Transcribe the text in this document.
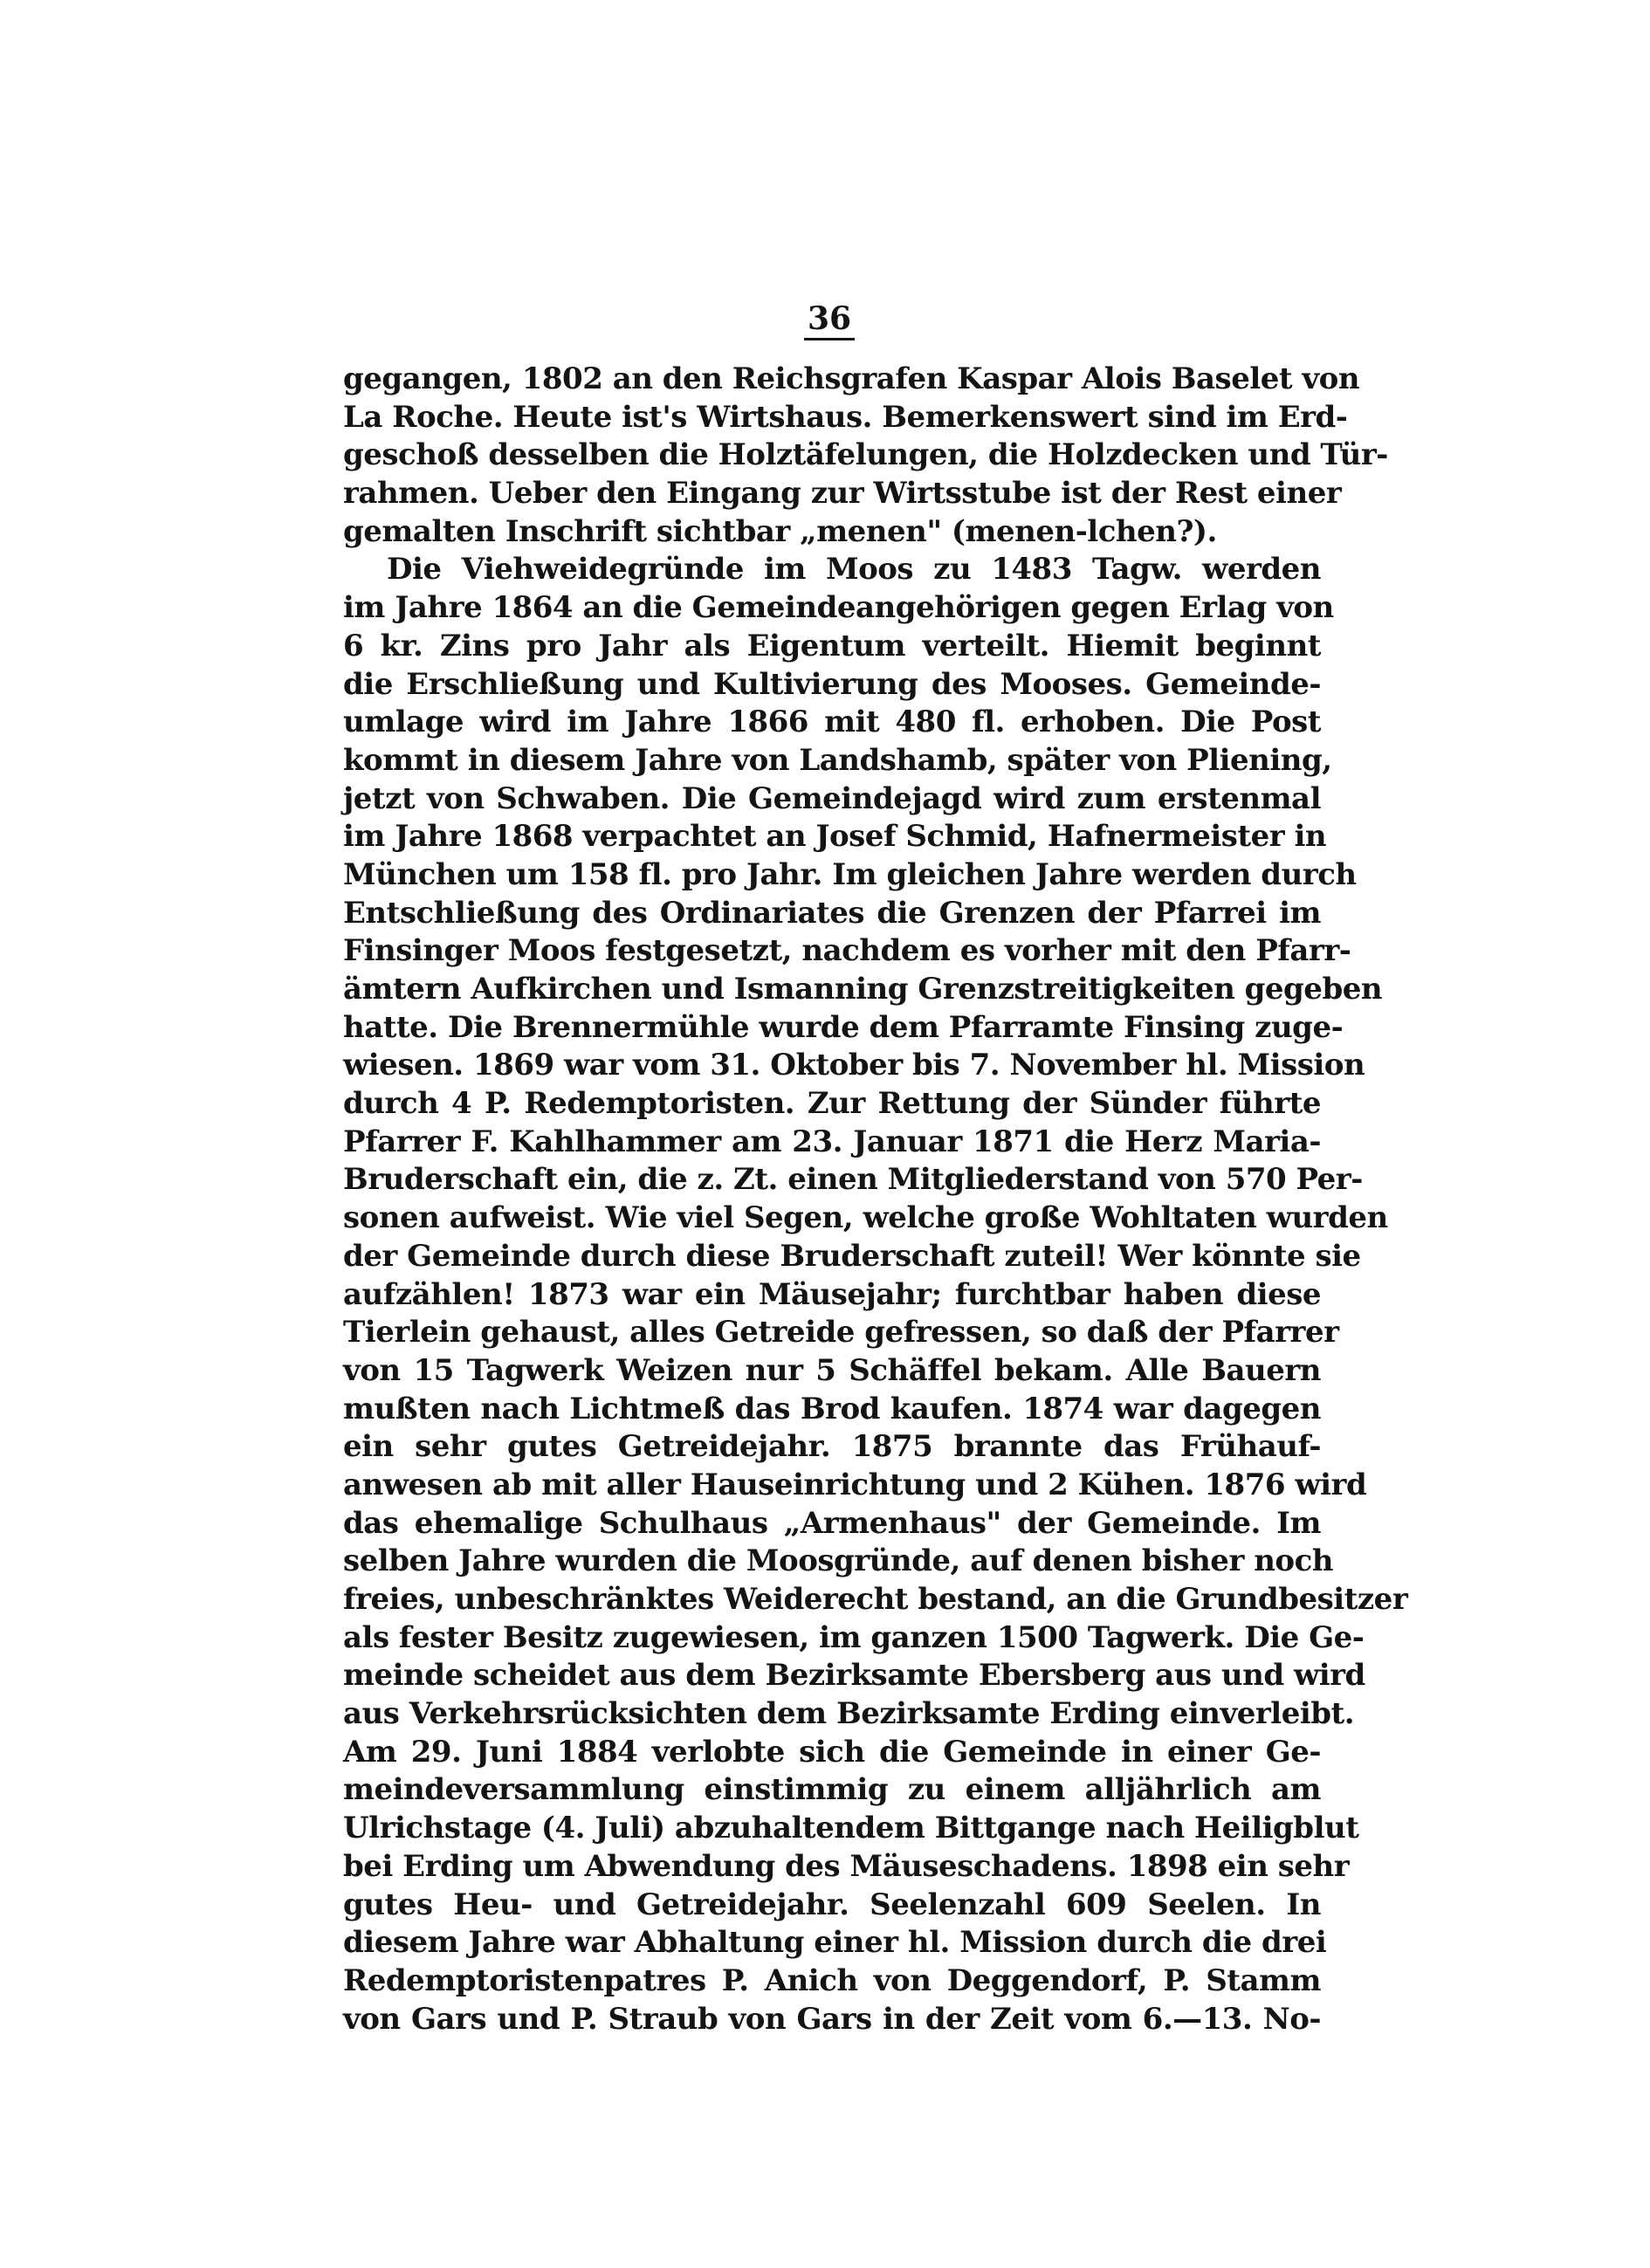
36
gegangen, 1802 an den Reichsgrafen Kaspar Alois Baselet von
La Roche. Heute ist's Wirtshaus. Bemerkenswert sind im Erd-
geschoß desselben die Holztäfelungen, die Holzdecken und Tür-
rahmen. Ueber den Eingang zur Wirtsstube ist der Rest einer
gemalten Inschrift sichtbar „menen" (menen-lchen?).
Die Viehweidegründe im Moos zu 1483 Tagw. werden
im Jahre 1864 an die Gemeindeangehörigen gegen Erlag von
6 kr. Zins pro Jahr als Eigentum verteilt. Hiemit beginnt
die Erschließung und Kultivierung des Mooses. Gemeinde-
umlage wird im Jahre 1866 mit 480 fl. erhoben. Die Post
kommt in diesem Jahre von Landshamb, später von Pliening,
jetzt von Schwaben. Die Gemeindejagd wird zum erstenmal
im Jahre 1868 verpachtet an Josef Schmid, Hafnermeister in
München um 158 fl. pro Jahr. Im gleichen Jahre werden durch
Entschließung des Ordinariates die Grenzen der Pfarrei im
Finsinger Moos festgesetzt, nachdem es vorher mit den Pfarr-
ämtern Aufkirchen und Ismanning Grenzstreitigkeiten gegeben
hatte. Die Brennermühle wurde dem Pfarramte Finsing zuge-
wiesen. 1869 war vom 31. Oktober bis 7. November hl. Mission
durch 4 P. Redemptoristen. Zur Rettung der Sünder führte
Pfarrer F. Kahlhammer am 23. Januar 1871 die Herz Maria-
Bruderschaft ein, die z. Zt. einen Mitgliederstand von 570 Per-
sonen aufweist. Wie viel Segen, welche große Wohltaten wurden
der Gemeinde durch diese Bruderschaft zuteil! Wer könnte sie
aufzählen! 1873 war ein Mäusejahr; furchtbar haben diese
Tierlein gehaust, alles Getreide gefressen, so daß der Pfarrer
von 15 Tagwerk Weizen nur 5 Schäffel bekam. Alle Bauern
mußten nach Lichtmeß das Brod kaufen. 1874 war dagegen
ein sehr gutes Getreidejahr. 1875 brannte das Frühauf-
anwesen ab mit aller Hauseinrichtung und 2 Kühen. 1876 wird
das ehemalige Schulhaus „Armenhaus" der Gemeinde. Im
selben Jahre wurden die Moosgründe, auf denen bisher noch
freies, unbeschränktes Weiderecht bestand, an die Grundbesitzer
als fester Besitz zugewiesen, im ganzen 1500 Tagwerk. Die Ge-
meinde scheidet aus dem Bezirksamte Ebersberg aus und wird
aus Verkehrsrücksichten dem Bezirksamte Erding einverleibt.
Am 29. Juni 1884 verlobte sich die Gemeinde in einer Ge-
meindeversammlung einstimmig zu einem alljährlich am
Ulrichstage (4. Juli) abzuhaltendem Bittgange nach Heiligblut
bei Erding um Abwendung des Mäuseschadens. 1898 ein sehr
gutes Heu- und Getreidejahr. Seelenzahl 609 Seelen. In
diesem Jahre war Abhaltung einer hl. Mission durch die drei
Redemptoristenpatres P. Anich von Deggendorf, P. Stamm
von Gars und P. Straub von Gars in der Zeit vom 6.—13. No-
